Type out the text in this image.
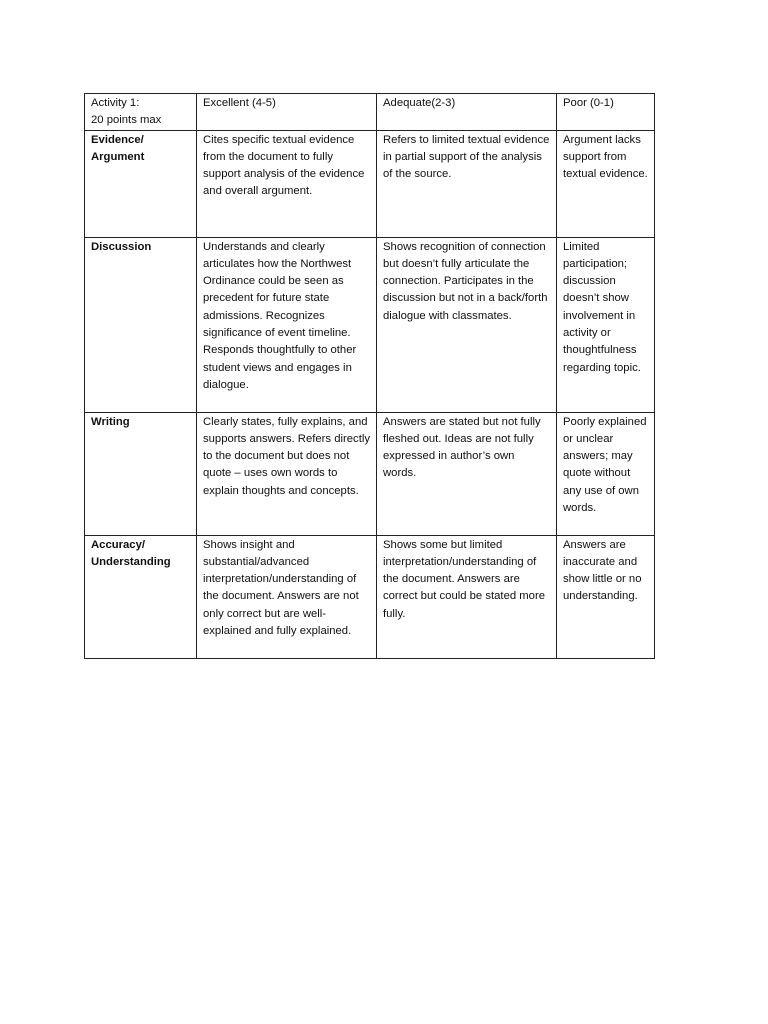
Activity 1:
20 points max	Excellent (4-5)	Adequate(2-3)	Poor (0-1)

Evidence/
Argument	Cites specific textual evidence from the document to fully support analysis of the evidence and overall argument.	Refers to limited textual evidence in partial support of the analysis of the source.	Argument lacks support from textual evidence.

Discussion	Understands and clearly articulates how the Northwest Ordinance could be seen as precedent for future state admissions. Recognizes significance of event timeline. Responds thoughtfully to other student views and engages in dialogue.	Shows recognition of connection but doesn’t fully articulate the connection. Participates in the discussion but not in a back/forth dialogue with classmates.	Limited participation; discussion doesn’t show involvement in activity or thoughtfulness regarding topic.

Writing	Clearly states, fully explains, and supports answers. Refers directly to the document but does not quote – uses own words to explain thoughts and concepts.	Answers are stated but not fully fleshed out. Ideas are not fully expressed in author’s own words.	Poorly explained or unclear answers; may quote without any use of own words.

Accuracy/
Understanding	Shows insight and substantial/advanced interpretation/understanding of the document. Answers are not only correct but are well-explained and fully explained.	Shows some but limited interpretation/understanding of the document. Answers are correct but could be stated more fully.	Answers are inaccurate and show little or no understanding.
